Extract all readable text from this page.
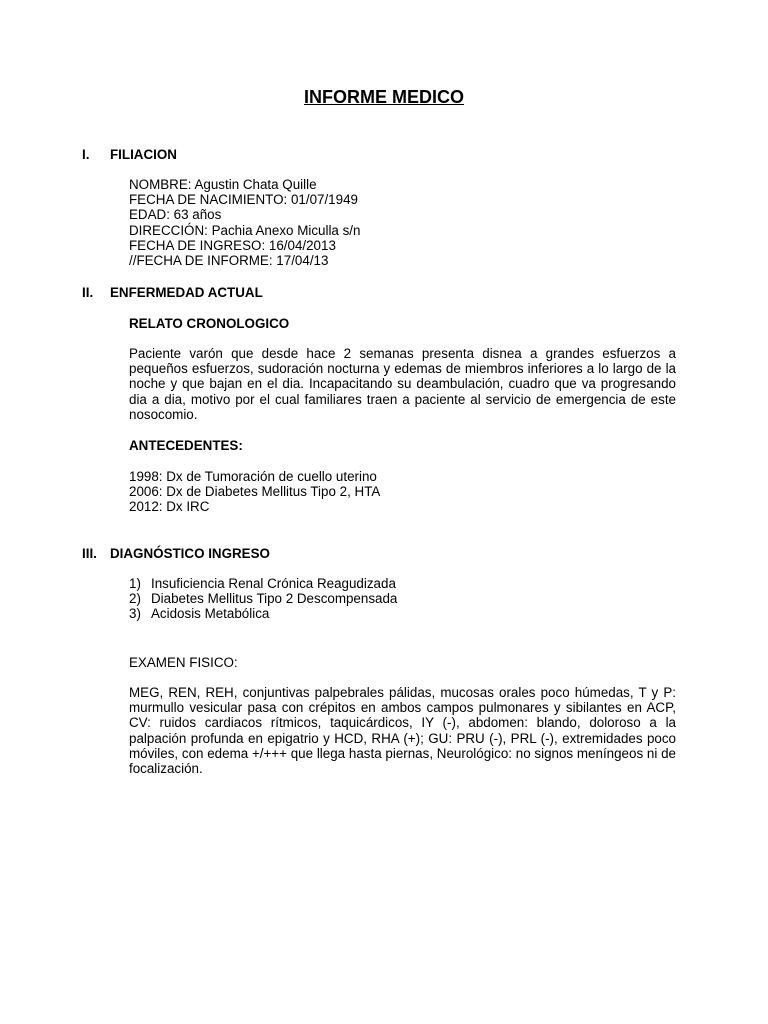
INFORME MEDICO
I. FILIACION
NOMBRE: Agustin Chata Quille
FECHA DE NACIMIENTO: 01/07/1949
EDAD: 63 años
DIRECCIÓN: Pachia Anexo Miculla s/n
FECHA DE INGRESO: 16/04/2013
//FECHA DE INFORME: 17/04/13
II. ENFERMEDAD ACTUAL
RELATO CRONOLOGICO
Paciente varón que desde hace 2 semanas presenta disnea a grandes esfuerzos a pequeños esfuerzos, sudoración nocturna y edemas de miembros inferiores a lo largo de la noche y que bajan en el dia. Incapacitando su deambulación, cuadro que va progresando dia a dia, motivo por el cual familiares traen a paciente al servicio de emergencia de este nosocomio.
ANTECEDENTES:
1998: Dx de Tumoración de cuello uterino
2006: Dx de Diabetes Mellitus Tipo 2, HTA
2012: Dx IRC
III. DIAGNÓSTICO INGRESO
1) Insuficiencia Renal Crónica Reagudizada
2) Diabetes Mellitus Tipo 2 Descompensada
3) Acidosis Metabólica
EXAMEN FISICO:
MEG, REN, REH, conjuntivas palpebrales pálidas, mucosas orales poco húmedas, T y P: murmullo vesicular pasa con crépitos en ambos campos pulmonares y sibilantes en ACP, CV: ruidos cardiacos rítmicos, taquicárdicos, IY (-), abdomen: blando, doloroso a la palpación profunda en epigatrio y HCD, RHA (+); GU: PRU (-), PRL (-), extremidades poco móviles, con edema +/+++ que llega hasta piernas, Neurológico: no signos meníngeos ni de focalización.
